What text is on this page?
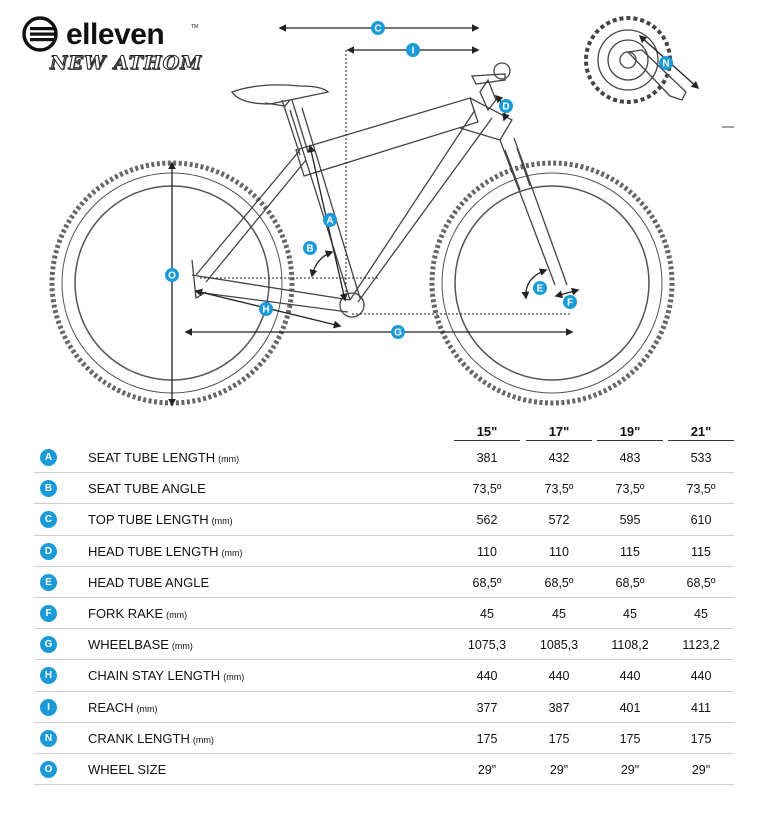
elleven	TM
NEW ATHOM
A
B
C
D
E
F
G
H
I
N
O
15"	17"	19"	21"
A	SEAT TUBE LENGTH (mm)	381	432	483	533
B	SEAT TUBE ANGLE	73,5º	73,5º	73,5º	73,5º
C	TOP TUBE LENGTH (mm)	562	572	595	610
D	HEAD TUBE LENGTH (mm)	110	110	115	115
E	HEAD TUBE ANGLE	68,5º	68,5º	68,5º	68,5º
F	FORK RAKE (mm)	45	45	45	45
G	WHEELBASE (mm)	1075,3	1085,3	1108,2	1123,2
H	CHAIN STAY LENGTH (mm)	440	440	440	440
I	REACH (mm)	377	387	401	411
N	CRANK LENGTH (mm)	175	175	175	175
O	WHEEL SIZE	29"	29"	29"	29"
